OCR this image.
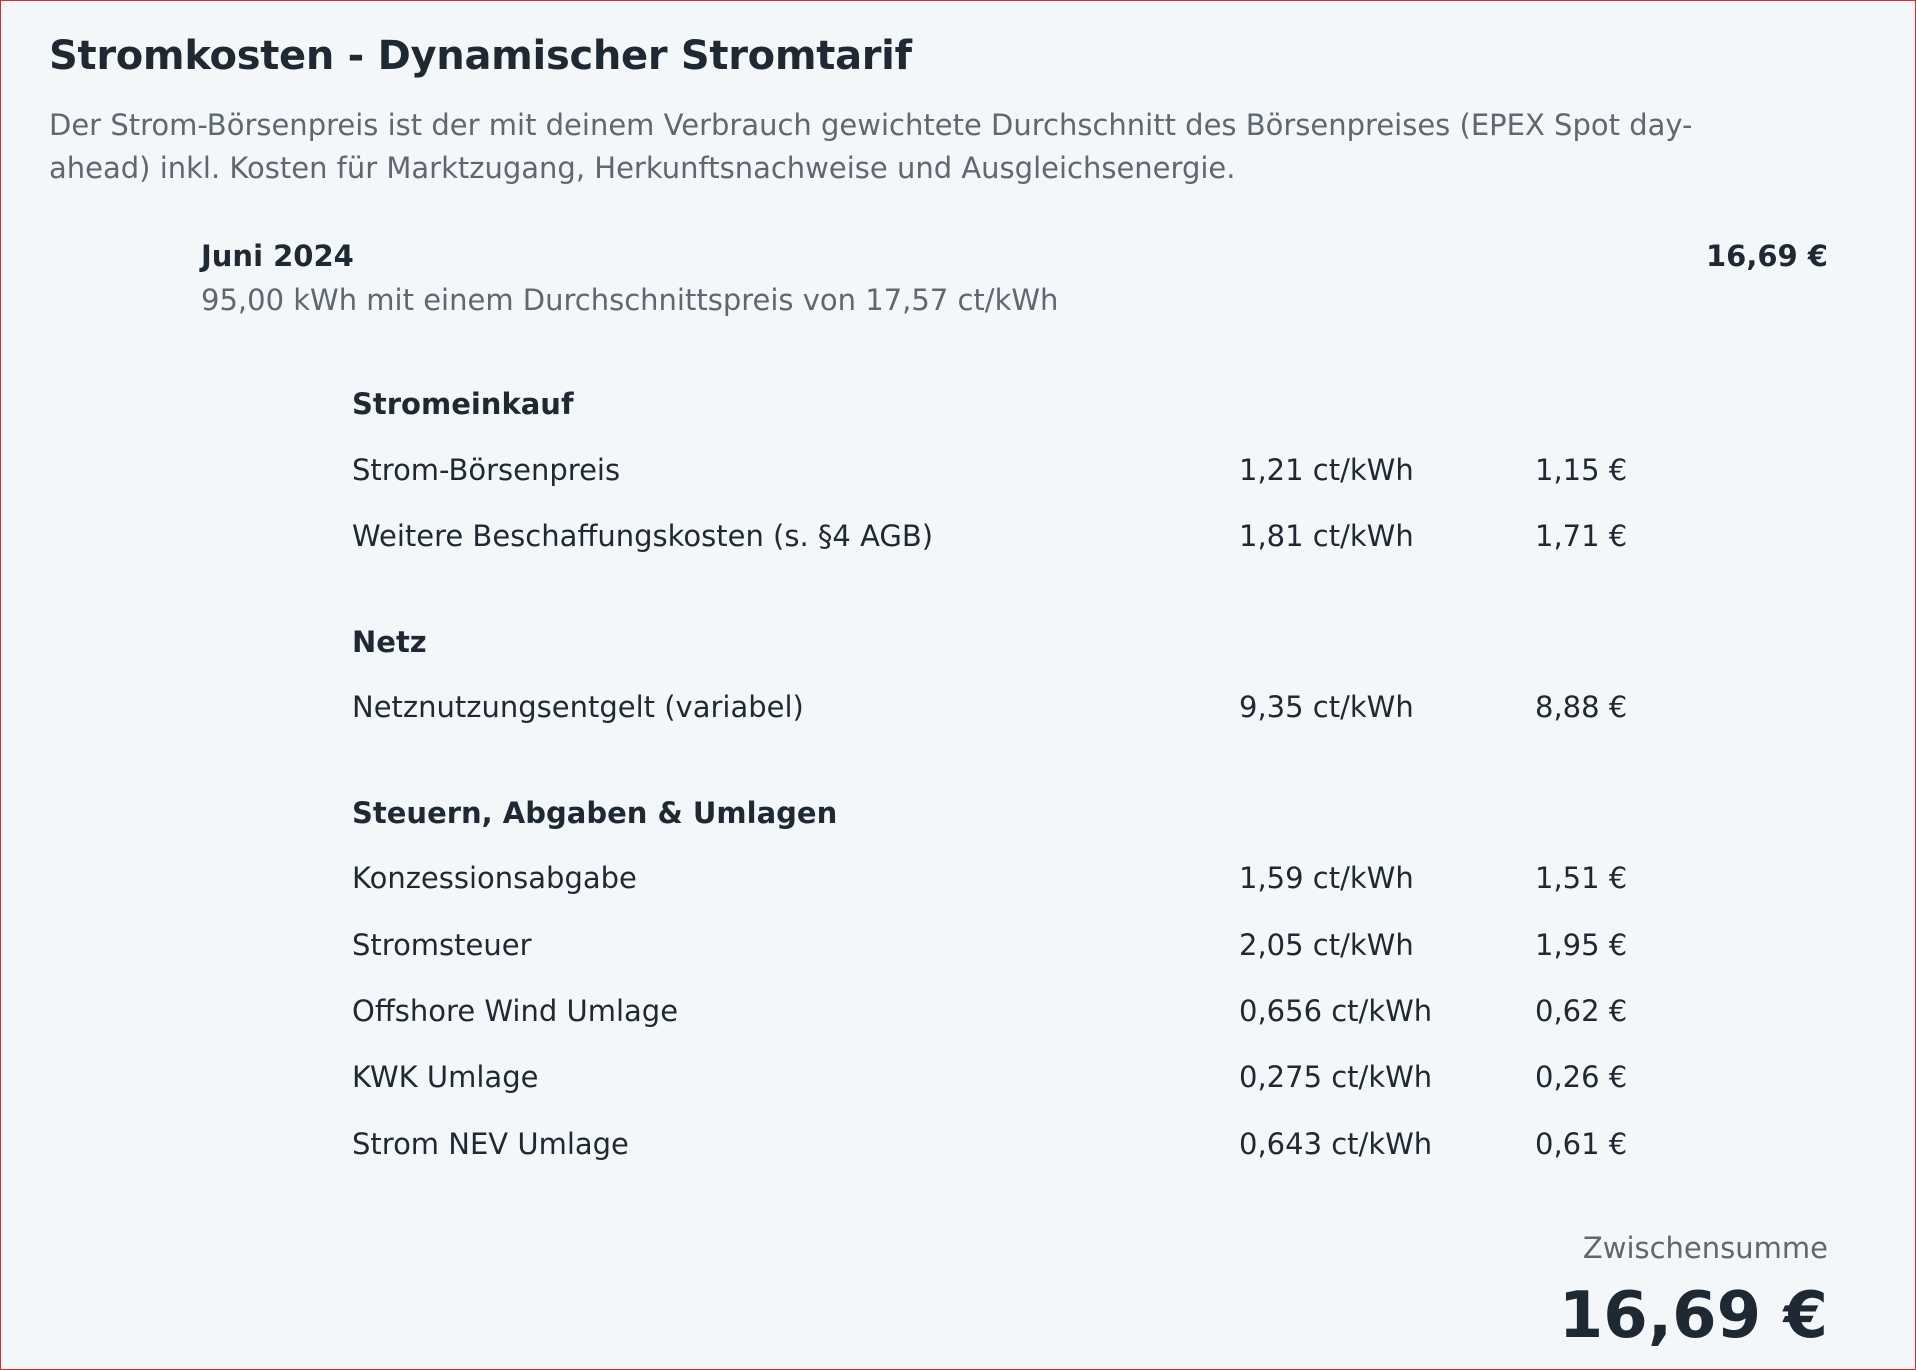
Stromkosten - Dynamischer Stromtarif
Der Strom-Börsenpreis ist der mit deinem Verbrauch gewichtete Durchschnitt des Börsenpreises (EPEX Spot day-ahead) inkl. Kosten für Marktzugang, Herkunftsnachweise und Ausgleichsenergie.
Juni 2024	16,69 €
95,00 kWh mit einem Durchschnittspreis von 17,57 ct/kWh
Stromeinkauf
Strom-Börsenpreis	1,21 ct/kWh	1,15 €
Weitere Beschaffungskosten (s. §4 AGB)	1,81 ct/kWh	1,71 €
Netz
Netznutzungsentgelt (variabel)	9,35 ct/kWh	8,88 €
Steuern, Abgaben & Umlagen
Konzessionsabgabe	1,59 ct/kWh	1,51 €
Stromsteuer	2,05 ct/kWh	1,95 €
Offshore Wind Umlage	0,656 ct/kWh	0,62 €
KWK Umlage	0,275 ct/kWh	0,26 €
Strom NEV Umlage	0,643 ct/kWh	0,61 €
Zwischensumme
16,69 €
